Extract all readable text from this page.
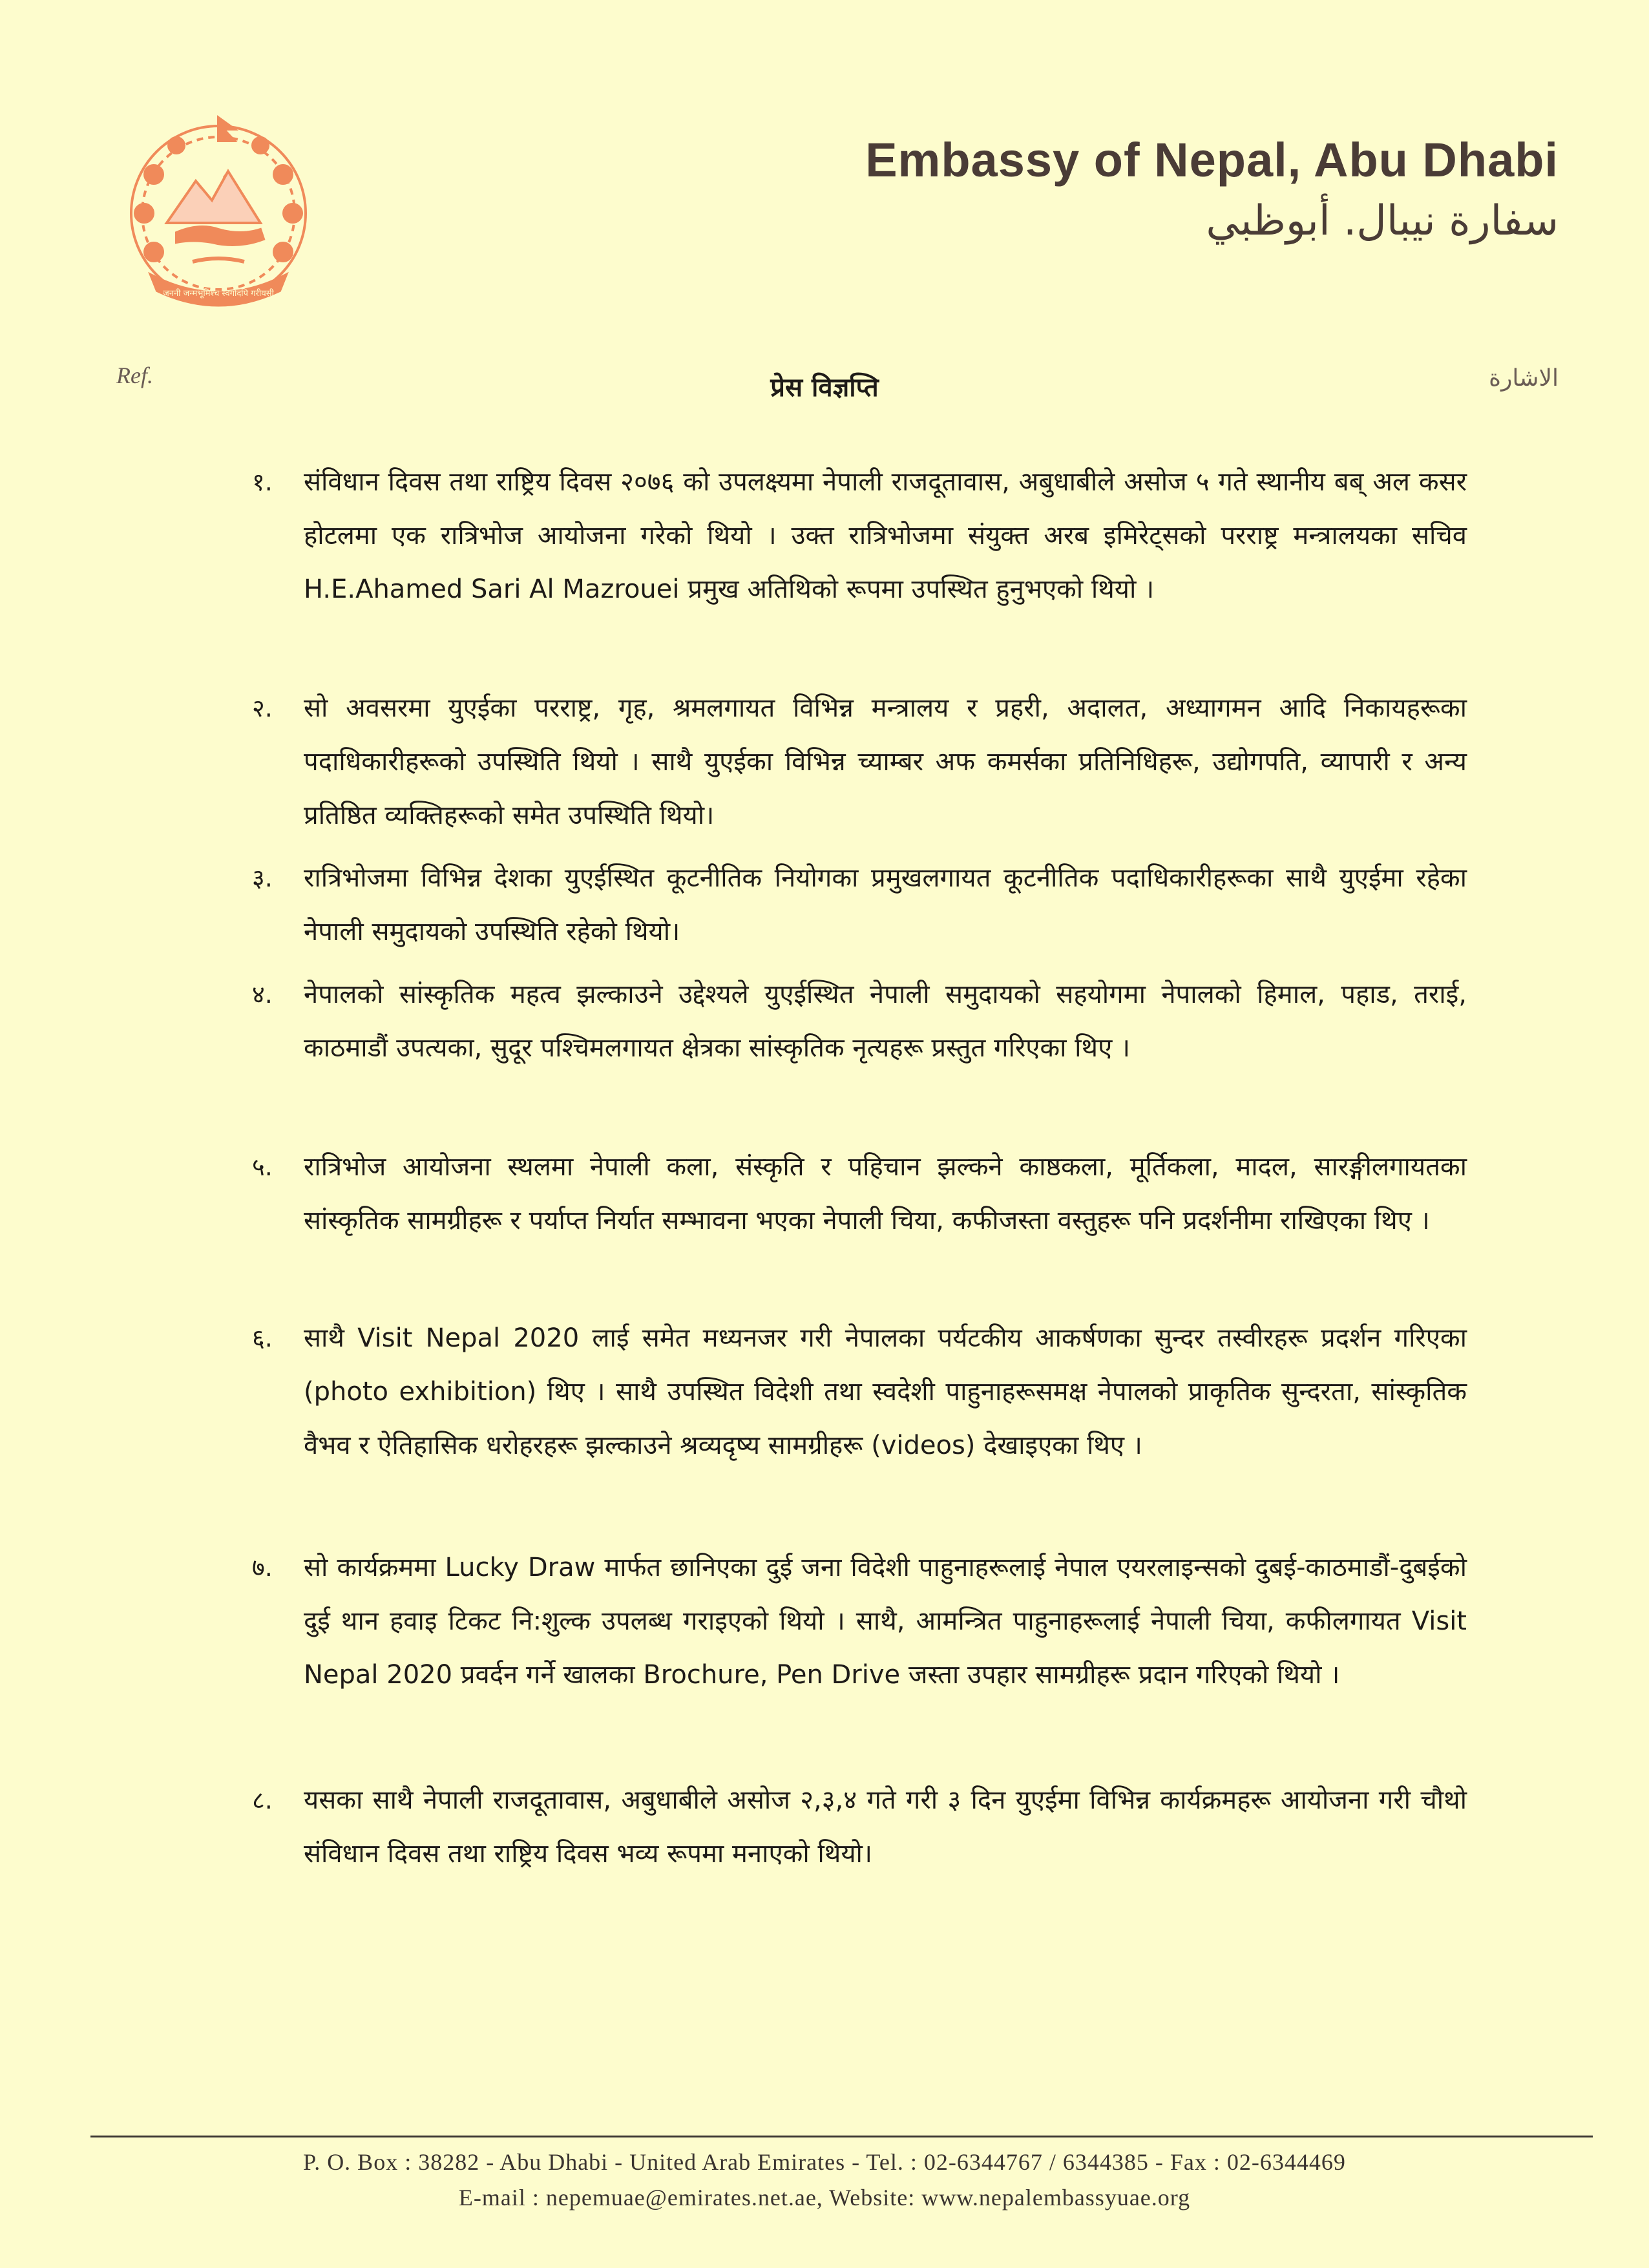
जननी जन्मभूमिश्च स्वर्गादपि गरीयसी
Embassy of Nepal, Abu Dhabi
سفارة نيبال. أبوظبي
Ref.	प्रेस विज्ञप्ति	الاشارة
१. संविधान दिवस तथा राष्ट्रिय दिवस २०७६ को उपलक्ष्यमा नेपाली राजदूतावास, अबुधाबीले असोज ५ गते स्थानीय बब् अल कसर होटलमा एक रात्रिभोज आयोजना गरेको थियो । उक्त रात्रिभोजमा संयुक्त अरब इमिरेट्सको परराष्ट्र मन्त्रालयका सचिव H.E.Ahamed Sari Al Mazrouei प्रमुख अतिथिको रूपमा उपस्थित हुनुभएको थियो ।
२. सो अवसरमा युएईका परराष्ट्र, गृह, श्रमलगायत विभिन्न मन्त्रालय र प्रहरी, अदालत, अध्यागमन आदि निकायहरूका पदाधिकारीहरूको उपस्थिति थियो । साथै युएईका विभिन्न च्याम्बर अफ कमर्सका प्रतिनिधिहरू, उद्योगपति, व्यापारी र अन्य प्रतिष्ठित व्यक्तिहरूको समेत उपस्थिति थियो।
३. रात्रिभोजमा विभिन्न देशका युएईस्थित कूटनीतिक नियोगका प्रमुखलगायत कूटनीतिक पदाधिकारीहरूका साथै युएईमा रहेका नेपाली समुदायको उपस्थिति रहेको थियो।
४. नेपालको सांस्कृतिक महत्व झल्काउने उद्देश्यले युएईस्थित नेपाली समुदायको सहयोगमा नेपालको हिमाल, पहाड, तराई, काठमाडौं उपत्यका, सुदूर पश्चिमलगायत क्षेत्रका सांस्कृतिक नृत्यहरू प्रस्तुत गरिएका थिए ।
५. रात्रिभोज आयोजना स्थलमा नेपाली कला, संस्कृति र पहिचान झल्कने काष्ठकला, मूर्तिकला, मादल, सारङ्गीलगायतका सांस्कृतिक सामग्रीहरू र पर्याप्त निर्यात सम्भावना भएका नेपाली चिया, कफीजस्ता वस्तुहरू पनि प्रदर्शनीमा राखिएका थिए ।
६. साथै Visit Nepal 2020 लाई समेत मध्यनजर गरी नेपालका पर्यटकीय आकर्षणका सुन्दर तस्वीरहरू प्रदर्शन गरिएका (photo exhibition) थिए । साथै उपस्थित विदेशी तथा स्वदेशी पाहुनाहरूसमक्ष नेपालको प्राकृतिक सुन्दरता, सांस्कृतिक वैभव र ऐतिहासिक धरोहरहरू झल्काउने श्रव्यदृष्य सामग्रीहरू (videos) देखाइएका थिए ।
७. सो कार्यक्रममा Lucky Draw मार्फत छानिएका दुई जना विदेशी पाहुनाहरूलाई नेपाल एयरलाइन्सको दुबई-काठमाडौं-दुबईको दुई थान हवाइ टिकट नि:शुल्क उपलब्ध गराइएको थियो । साथै, आमन्त्रित पाहुनाहरूलाई नेपाली चिया, कफीलगायत Visit Nepal 2020 प्रवर्दन गर्ने खालका Brochure, Pen Drive जस्ता उपहार सामग्रीहरू प्रदान गरिएको थियो ।
८. यसका साथै नेपाली राजदूतावास, अबुधाबीले असोज २,३,४ गते गरी ३ दिन युएईमा विभिन्न कार्यक्रमहरू आयोजना गरी चौथो संविधान दिवस तथा राष्ट्रिय दिवस भव्य रूपमा मनाएको थियो।
P. O. Box : 38282 - Abu Dhabi - United Arab Emirates - Tel. : 02-6344767 / 6344385 - Fax : 02-6344469
E-mail : nepemuae@emirates.net.ae, Website: www.nepalembassyuae.org
